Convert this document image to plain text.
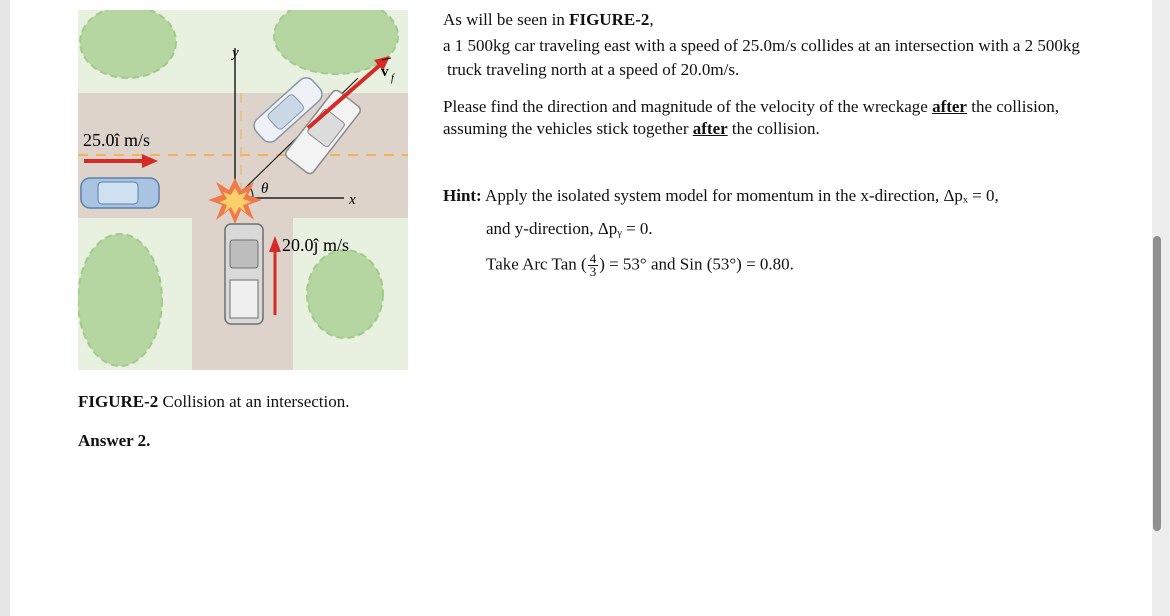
y
x
θ
v f
25.0î m/s
20.0ĵ m/s
FIGURE-2 Collision at an intersection.
Answer 2.
As will be seen in FIGURE-2,
a 1 500kg car traveling east with a speed of 25.0m/s collides at an intersection with a 2 500kg
truck traveling north at a speed of 20.0m/s.
Please find the direction and magnitude of the velocity of the wreckage after the collision,
assuming the vehicles stick together after the collision.
Hint: Apply the isolated system model for momentum in the x-direction, Δpₓ = 0,
and y-direction, Δpᵧ = 0.
Take Arc Tan ( $\frac{4}{3}$ ) = 53° and Sin (53°) = 0.80.
